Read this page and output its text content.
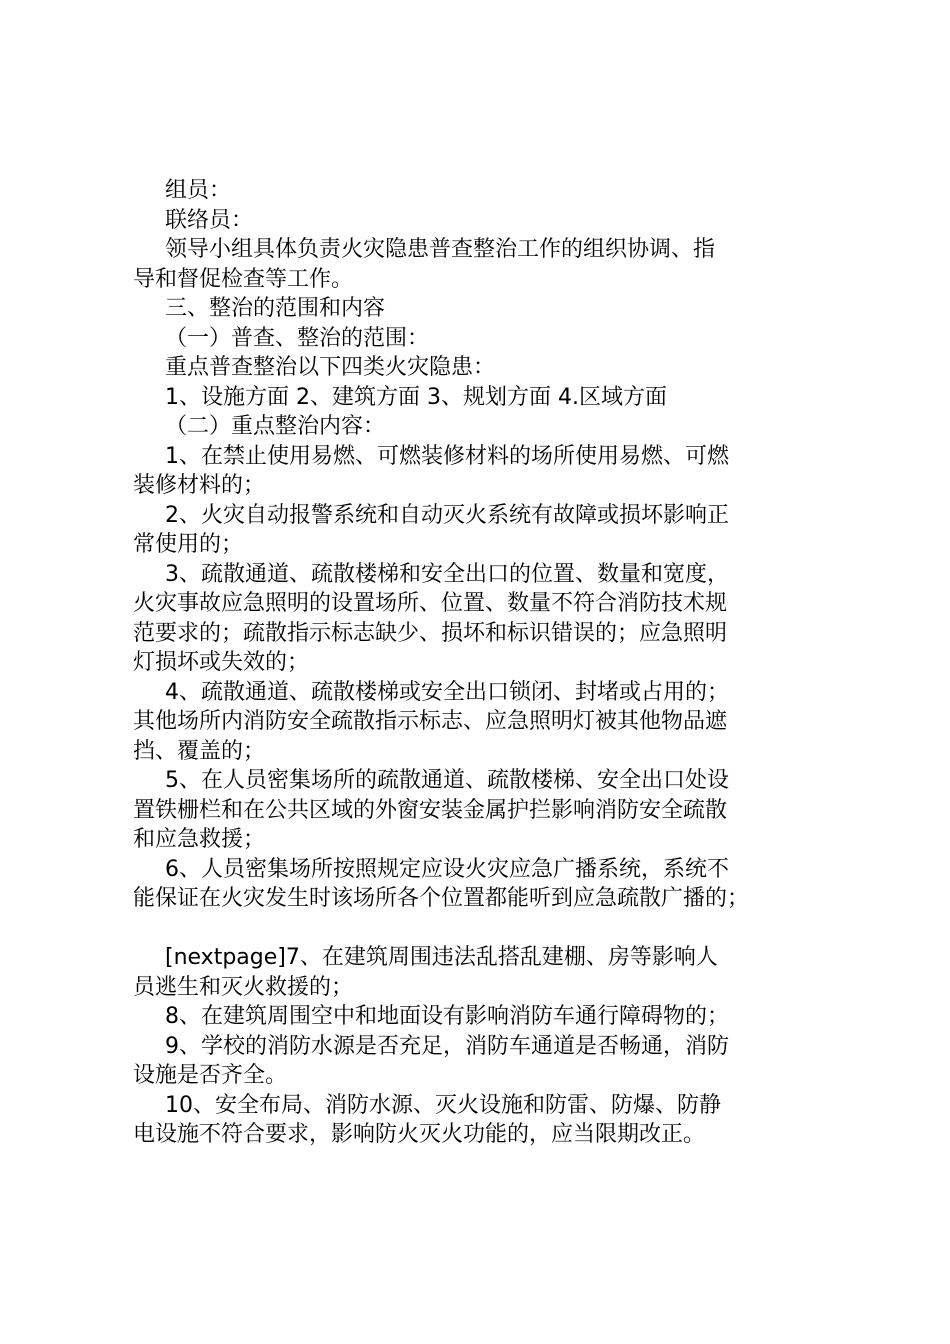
组员：
联络员：
领导小组具体负责火灾隐患普查整治工作的组织协调、指
导和督促检查等工作。
三、整治的范围和内容
（一）普查、整治的范围：
重点普查整治以下四类火灾隐患：
1、设施方面 2、建筑方面 3、规划方面 4.区域方面
（二）重点整治内容：
1、在禁止使用易燃、可燃装修材料的场所使用易燃、可燃
装修材料的；
2、火灾自动报警系统和自动灭火系统有故障或损坏影响正
常使用的；
3、疏散通道、疏散楼梯和安全出口的位置、数量和宽度，
火灾事故应急照明的设置场所、位置、数量不符合消防技术规
范要求的；疏散指示标志缺少、损坏和标识错误的；应急照明
灯损坏或失效的；
4、疏散通道、疏散楼梯或安全出口锁闭、封堵或占用的；
其他场所内消防安全疏散指示标志、应急照明灯被其他物品遮
挡、覆盖的；
5、在人员密集场所的疏散通道、疏散楼梯、安全出口处设
置铁栅栏和在公共区域的外窗安装金属护拦影响消防安全疏散
和应急救援；
6、人员密集场所按照规定应设火灾应急广播系统，系统不
能保证在火灾发生时该场所各个位置都能听到应急疏散广播的；
[nextpage]7、在建筑周围违法乱搭乱建棚、房等影响人
员逃生和灭火救援的；
8、在建筑周围空中和地面设有影响消防车通行障碍物的；
9、学校的消防水源是否充足，消防车通道是否畅通，消防
设施是否齐全。
10、安全布局、消防水源、灭火设施和防雷、防爆、防静
电设施不符合要求，影响防火灭火功能的，应当限期改正。
